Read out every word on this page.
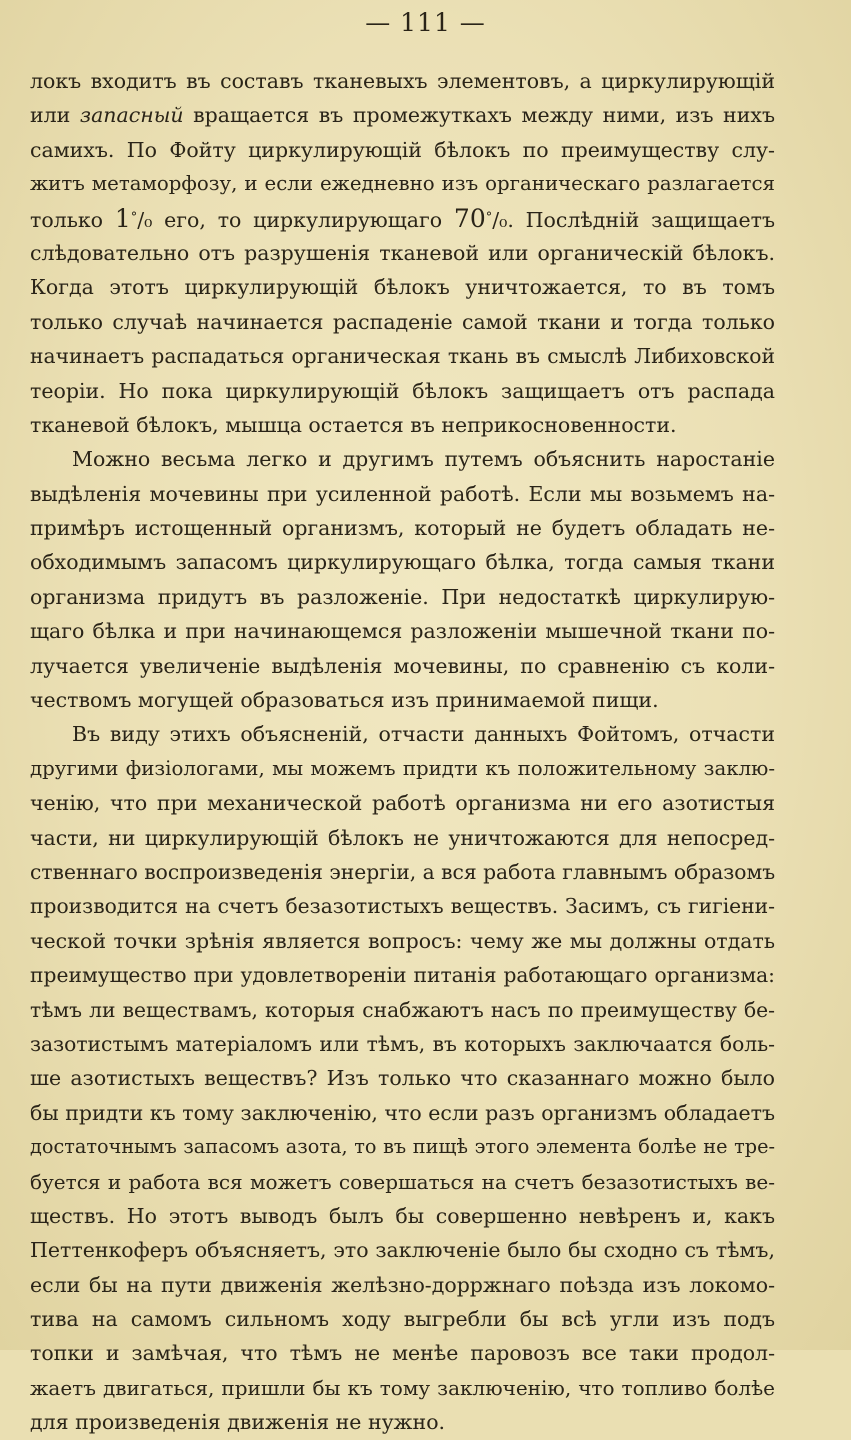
— 111 —
локъ входитъ въ составъ тканевыхъ элементовъ, а циркулирующій
или запасный вращается въ промежуткахъ между ними, изъ нихъ
самихъ. По Фойту циркулирующій бѣлокъ по преимуществу слу-
житъ метаморфозу, и если ежедневно изъ органическаго разлагается
только 1°/₀ его, то циркулирующаго 70°/₀. Послѣдній защищаетъ
слѣдовательно отъ разрушенія тканевой или органическій бѣлокъ.
Когда этотъ циркулирующій бѣлокъ уничтожается, то въ томъ
только случаѣ начинается распаденіе самой ткани и тогда только
начинаетъ распадаться органическая ткань въ смыслѣ Либиховской
теоріи. Но пока циркулирующій бѣлокъ защищаетъ отъ распада
тканевой бѣлокъ, мышца остается въ неприкосновенности.
Можно весьма легко и другимъ путемъ объяснить наростаніе
выдѣленія мочевины при усиленной работѣ. Если мы возьмемъ на-
примѣръ истощенный организмъ, который не будетъ обладать не-
обходимымъ запасомъ циркулирующаго бѣлка, тогда самыя ткани
организма придутъ въ разложеніе. При недостаткѣ циркулирую-
щаго бѣлка и при начинающемся разложеніи мышечной ткани по-
лучается увеличеніе выдѣленія мочевины, по сравненію съ коли-
чествомъ могущей образоваться изъ принимаемой пищи.
Въ виду этихъ объясненій, отчасти данныхъ Фойтомъ, отчасти
другими физіологами, мы можемъ придти къ положительному заклю-
ченію, что при механической работѣ организма ни его азотистыя
части, ни циркулирующій бѣлокъ не уничтожаются для непосред-
ственнаго воспроизведенія энергіи, а вся работа главнымъ образомъ
производится на счетъ безазотистыхъ веществъ. Засимъ, съ гигіени-
ческой точки зрѣнія является вопросъ: чему же мы должны отдать
преимущество при удовлетвореніи питанія работающаго организма:
тѣмъ ли веществамъ, которыя снабжаютъ насъ по преимуществу бе-
зазотистымъ матеріаломъ или тѣмъ, въ которыхъ заключаатся боль-
ше азотистыхъ веществъ? Изъ только что сказаннаго можно было
бы придти къ тому заключенію, что если разъ организмъ обладаетъ
достаточнымъ запасомъ азота, то въ пищѣ этого элемента болѣе не тре-
буется и работа вся можетъ совершаться на счетъ безазотистыхъ ве-
ществъ. Но этотъ выводъ былъ бы совершенно невѣренъ и, какъ
Петтенкоферъ объясняетъ, это заключеніе было бы сходно съ тѣмъ,
если бы на пути движенія желѣзно-дорржнаго поѣзда изъ локомо-
тива на самомъ сильномъ ходу выгребли бы всѣ угли изъ подъ
топки и замѣчая, что тѣмъ не менѣе паровозъ все таки продол-
жаетъ двигаться, пришли бы къ тому заключенію, что топливо болѣе
для произведенія движенія не нужно.
